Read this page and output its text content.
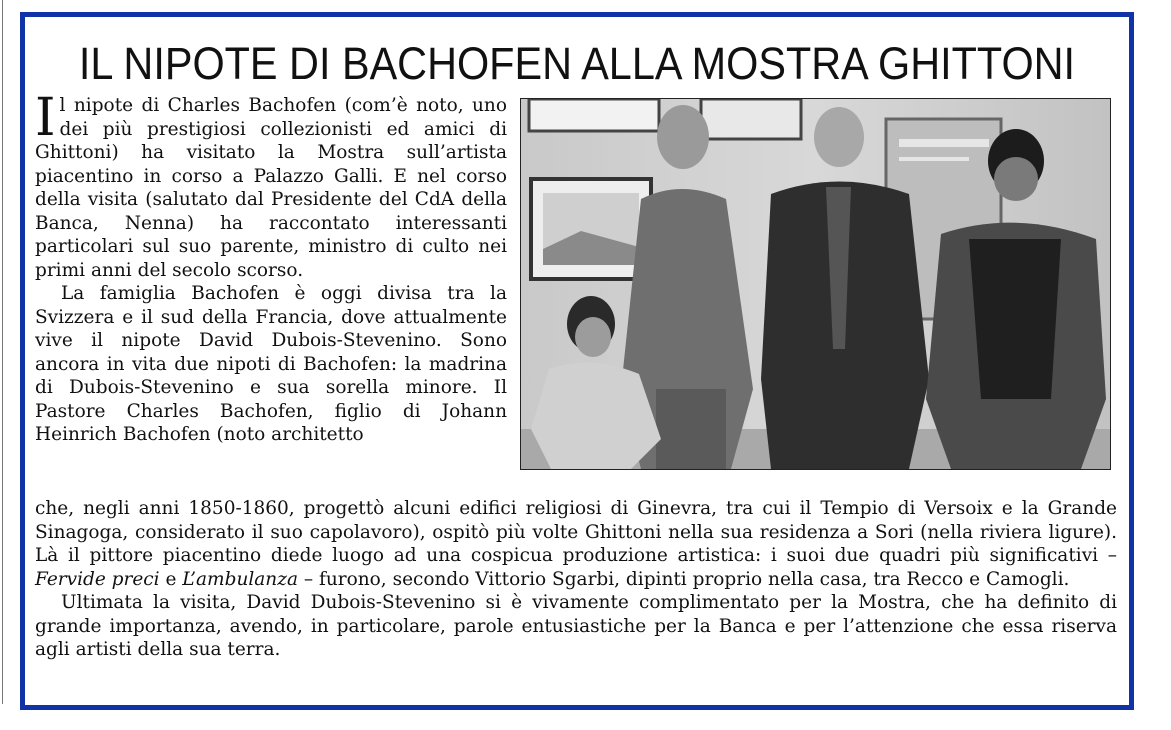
IL NIPOTE DI BACHOFEN ALLA MOSTRA GHITTONI

Il nipote di Charles Bachofen (com’è noto, uno dei più prestigiosi collezionisti ed amici di Ghittoni) ha visitato la Mostra sull’artista piacentino in corso a Palazzo Galli. E nel corso della visita (salutato dal Presidente del CdA della Banca, Nenna) ha raccontato interessanti particolari sul suo parente, ministro di culto nei primi anni del secolo scorso.

La famiglia Bachofen è oggi divisa tra la Svizzera e il sud della Francia, dove attualmente vive il nipote David Dubois-Stevenino. Sono ancora in vita due nipoti di Bachofen: la madrina di Dubois-Stevenino e sua sorella minore. Il Pastore Charles Bachofen, figlio di Johann Heinrich Bachofen (noto architetto

che, negli anni 1850-1860, progettò alcuni edifici religiosi di Ginevra, tra cui il Tempio di Versoix e la Grande Sinagoga, considerato il suo capolavoro), ospitò più volte Ghittoni nella sua residenza a Sori (nella riviera ligure). Là il pittore piacentino diede luogo ad una cospicua produzione artistica: i suoi due quadri più significativi – Fervide preci e L’ambulanza – furono, secondo Vittorio Sgarbi, dipinti proprio nella casa, tra Recco e Camogli.

Ultimata la visita, David Dubois-Stevenino si è vivamente complimentato per la Mostra, che ha definito di grande importanza, avendo, in particolare, parole entusiastiche per la Banca e per l’attenzione che essa riserva agli artisti della sua terra.
